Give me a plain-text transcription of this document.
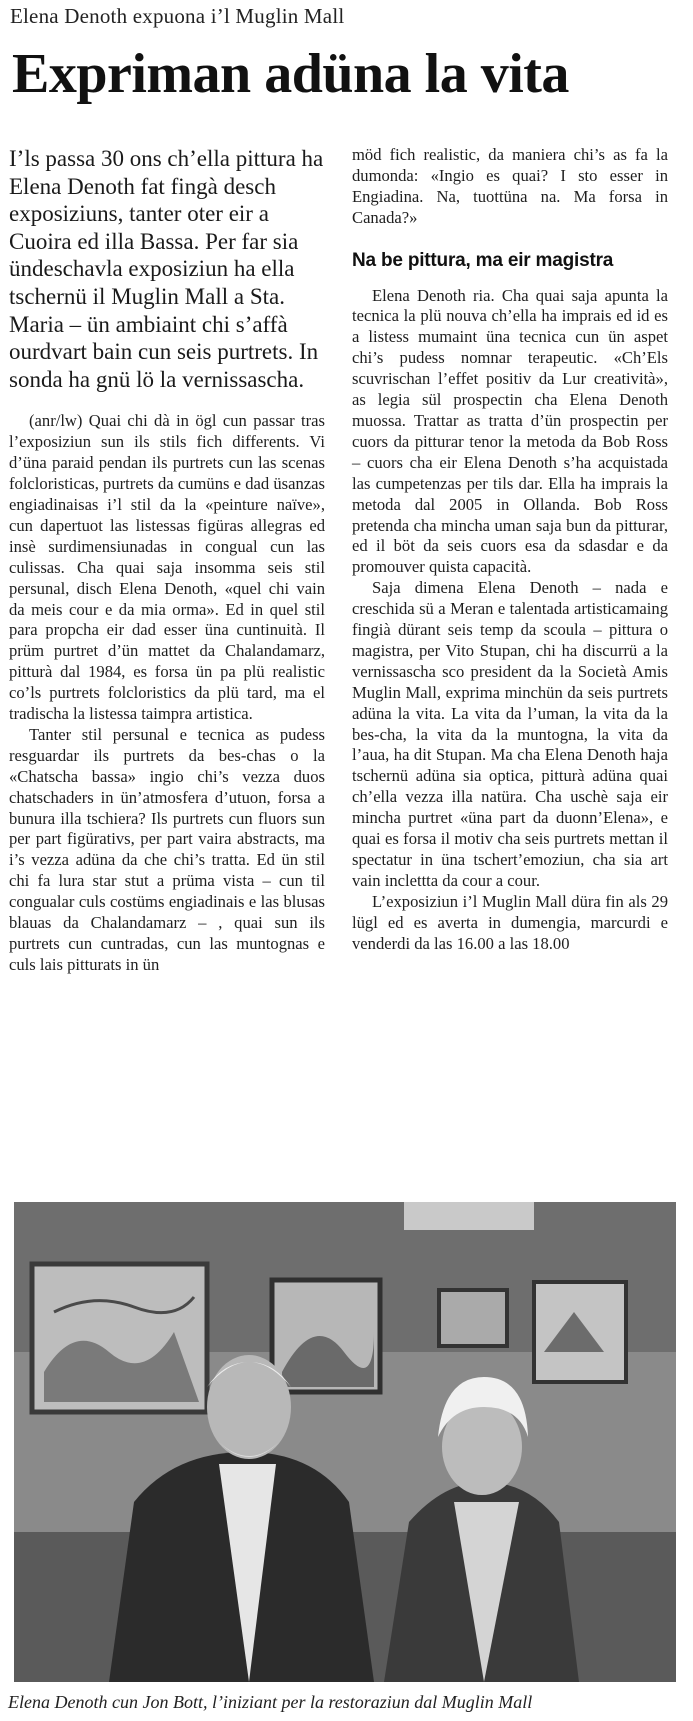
Elena Denoth expuona i’l Muglin Mall
Expriman adüna la vita

I’ls passa 30 ons ch’ella pittura ha Elena Denoth fat fingà desch exposiziuns, tanter oter eir a Cuoira ed illa Bassa. Per far sia ündeschavla exposiziun ha ella tschernü il Muglin Mall a Sta. Maria – ün ambiaint chi s’affà ourdvart bain cun seis purtrets. In sonda ha gnü lö la vernissascha.

(anr/lw) Quai chi dà in ögl cun passar tras l’exposiziun sun ils stils fich differents. Vi d’üna paraid pendan ils purtrets cun las scenas folcloristicas, purtrets da cumüns e dad üsanzas engiadinaisas i’l stil da la «peinture naïve», cun dapertuot las listessas figüras allegras ed insè surdimensiunadas in congual cun las culissas. Cha quai saja insomma seis stil persunal, disch Elena Denoth, «quel chi vain da meis cour e da mia orma». Ed in quel stil para propcha eir dad esser üna cuntinuità. Il prüm purtret d’ün mattet da Chalandamarz, pitturà dal 1984, es forsa ün pa plü realistic co’ls purtrets folcloristics da plü tard, ma el tradischa la listessa taimpra artistica.

Tanter stil persunal e tecnica as pudess resguardar ils purtrets da bes-chas o la «Chatscha bassa» ingio chi’s vezza duos chatschaders in ün’atmosfera d’utuon, forsa a bunura illa tschiera? Ils purtrets cun fluors sun per part figürativs, per part vaira abstracts, ma i’s vezza adüna da che chi’s tratta. Ed ün stil chi fa lura star stut a prüma vista – cun til congualar culs costüms engiadinais e las blusas blauas da Chalandamarz – , quai sun ils purtrets cun cuntradas, cun las muntognas e culs lais pitturats in ün

möd fich realistic, da maniera chi’s as fa la dumonda: «Ingio es quai? I sto esser in Engiadina. Na, tuottüna na. Ma forsa in Canada?»

Na be pittura, ma eir magistra

Elena Denoth ria. Cha quai saja apunta la tecnica la plü nouva ch’ella ha imprais ed id es a listess mumaint üna tecnica cun ün aspet chi’s pudess nomnar terapeutic. «Ch’Els scuvrischan l’effet positiv da Lur creatività», as legia sül prospectin cha Elena Denoth muossa. Trattar as tratta d’ün prospectin per cuors da pitturar tenor la metoda da Bob Ross – cuors cha eir Elena Denoth s’ha acquistada las cumpetenzas per tils dar. Ella ha imprais la metoda dal 2005 in Ollanda. Bob Ross pretenda cha mincha uman saja bun da pitturar, ed il böt da seis cuors esa da sdasdar e da promouver quista capacità.

Saja dimena Elena Denoth – nada e creschida sü a Meran e talentada artisticamaing fingià dürant seis temp da scoula – pittura o magistra, per Vito Stupan, chi ha discurrü a la vernissascha sco president da la Società Amis Muglin Mall, exprima minchün da seis purtrets adüna la vita. La vita da l’uman, la vita da la bes-cha, la vita da la muntogna, la vita da l’aua, ha dit Stupan. Ma cha Elena Denoth haja tschernü adüna sia optica, pitturà adüna quai ch’ella vezza illa natüra. Cha uschè saja eir mincha purtret «üna part da duonn’Elena», e quai es forsa il motiv cha seis purtrets mettan il spectatur in üna tschert’emoziun, cha sia art vain inclettta da cour a cour.

L’exposiziun i’l Muglin Mall düra fin als 29 lügl ed es averta in dumengia, marcurdi e venderdi da las 16.00 a las 18.00

Elena Denoth cun Jon Bott, l’iniziant per la restoraziun dal Muglin Mall
